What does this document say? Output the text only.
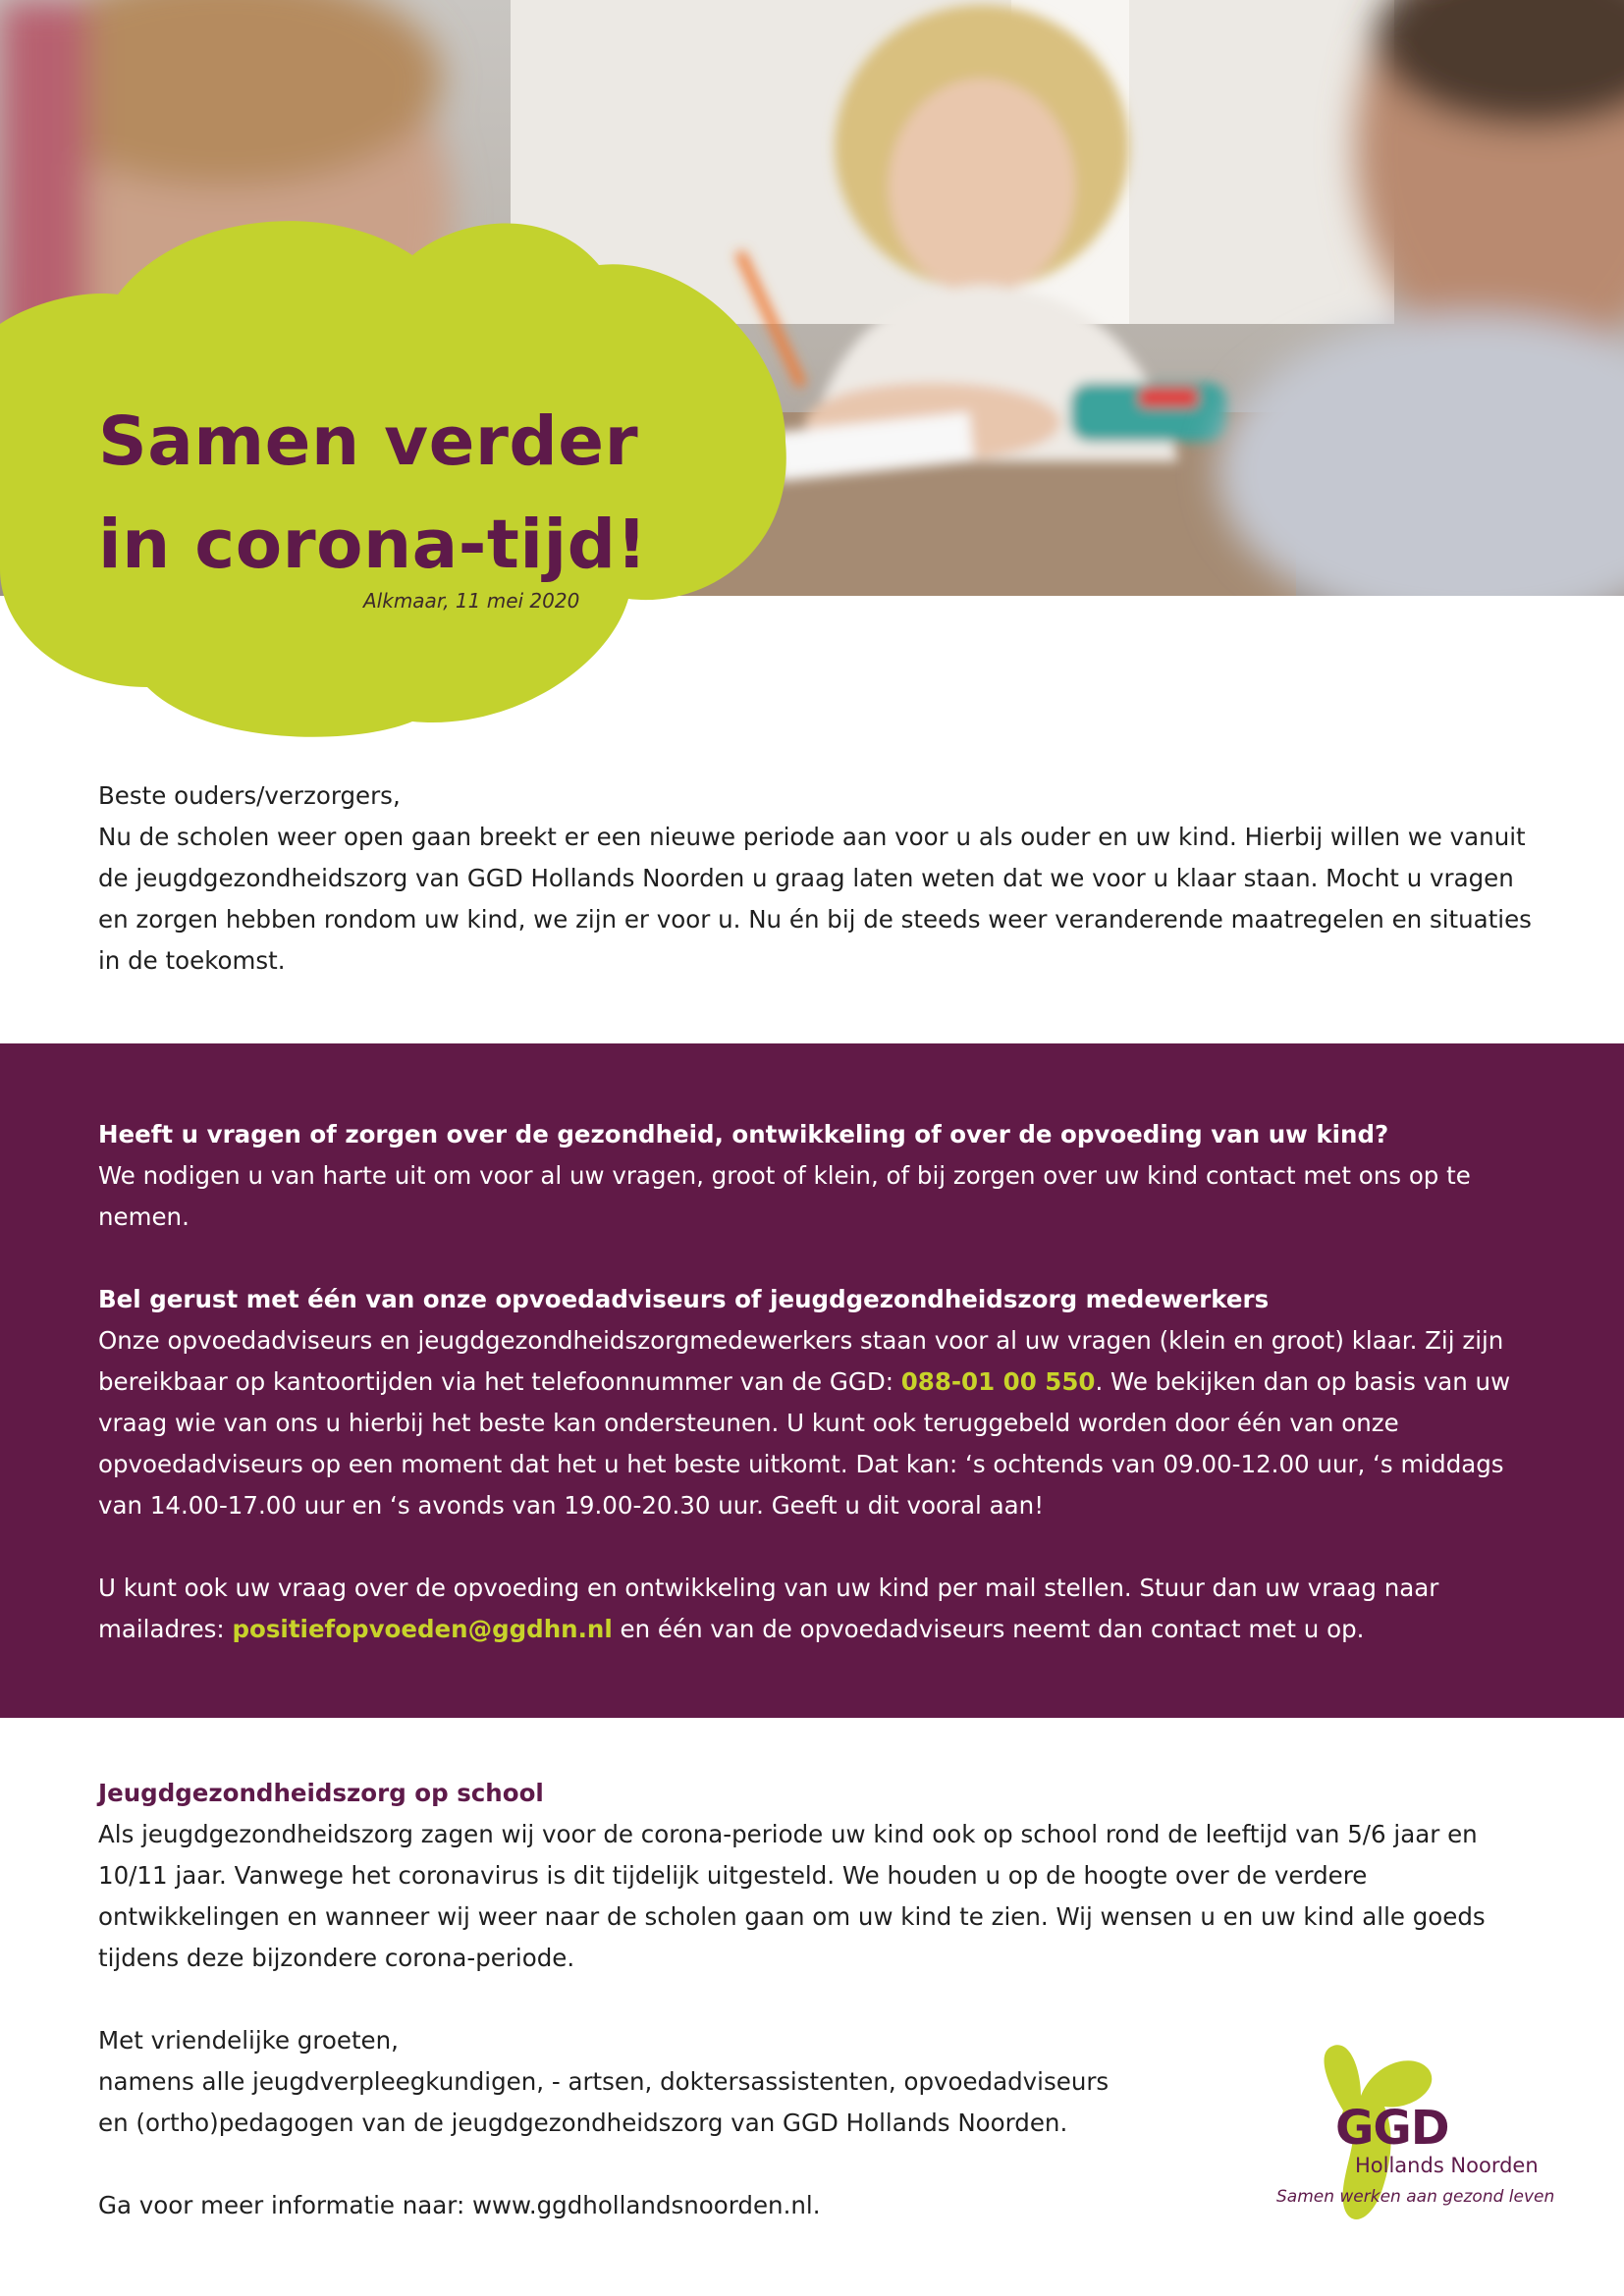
Samen verder
in corona-tijd!
Alkmaar, 11 mei 2020

Beste ouders/verzorgers,

Nu de scholen weer open gaan breekt er een nieuwe periode aan voor u als ouder en uw kind. Hierbij willen we vanuit de jeugdgezondheidszorg van GGD Hollands Noorden u graag laten weten dat we voor u klaar staan. Mocht u vragen en zorgen hebben rondom uw kind, we zijn er voor u. Nu én bij de steeds weer veranderende maatregelen en situaties in de toekomst.

Heeft u vragen of zorgen over de gezondheid, ontwikkeling of over de opvoeding van uw kind?

We nodigen u van harte uit om voor al uw vragen, groot of klein, of bij zorgen over uw kind contact met ons op te nemen.

Bel gerust met één van onze opvoedadviseurs of jeugdgezondheidszorg medewerkers

Onze opvoedadviseurs en jeugdgezondheidszorgmedewerkers staan voor al uw vragen (klein en groot) klaar. Zij zijn bereikbaar op kantoortijden via het telefoonnummer van de GGD: 088-01 00 550. We bekijken dan op basis van uw vraag wie van ons u hierbij het beste kan ondersteunen. U kunt ook teruggebeld worden door één van onze opvoedadviseurs op een moment dat het u het beste uitkomt. Dat kan: ‘s ochtends van 09.00-12.00 uur, ‘s middags van 14.00-17.00 uur en ‘s avonds van 19.00-20.30 uur. Geeft u dit vooral aan!

U kunt ook uw vraag over de opvoeding en ontwikkeling van uw kind per mail stellen. Stuur dan uw vraag naar mailadres: positiefopvoeden@ggdhn.nl en één van de opvoedadviseurs neemt dan contact met u op.

Jeugdgezondheidszorg op school

Als jeugdgezondheidszorg zagen wij voor de corona-periode uw kind ook op school rond de leeftijd van 5/6 jaar en 10/11 jaar. Vanwege het coronavirus is dit tijdelijk uitgesteld. We houden u op de hoogte over de verdere ontwikkelingen en wanneer wij weer naar de scholen gaan om uw kind te zien. Wij wensen u en uw kind alle goeds tijdens deze bijzondere corona-periode.

Met vriendelijke groeten,

namens alle jeugdverpleegkundigen, - artsen, doktersassistenten, opvoedadviseurs

en (ortho)pedagogen van de jeugdgezondheidszorg van GGD Hollands Noorden.

Ga voor meer informatie naar: www.ggdhollandsnoorden.nl.

GGD
Hollands Noorden
Samen werken aan gezond leven
